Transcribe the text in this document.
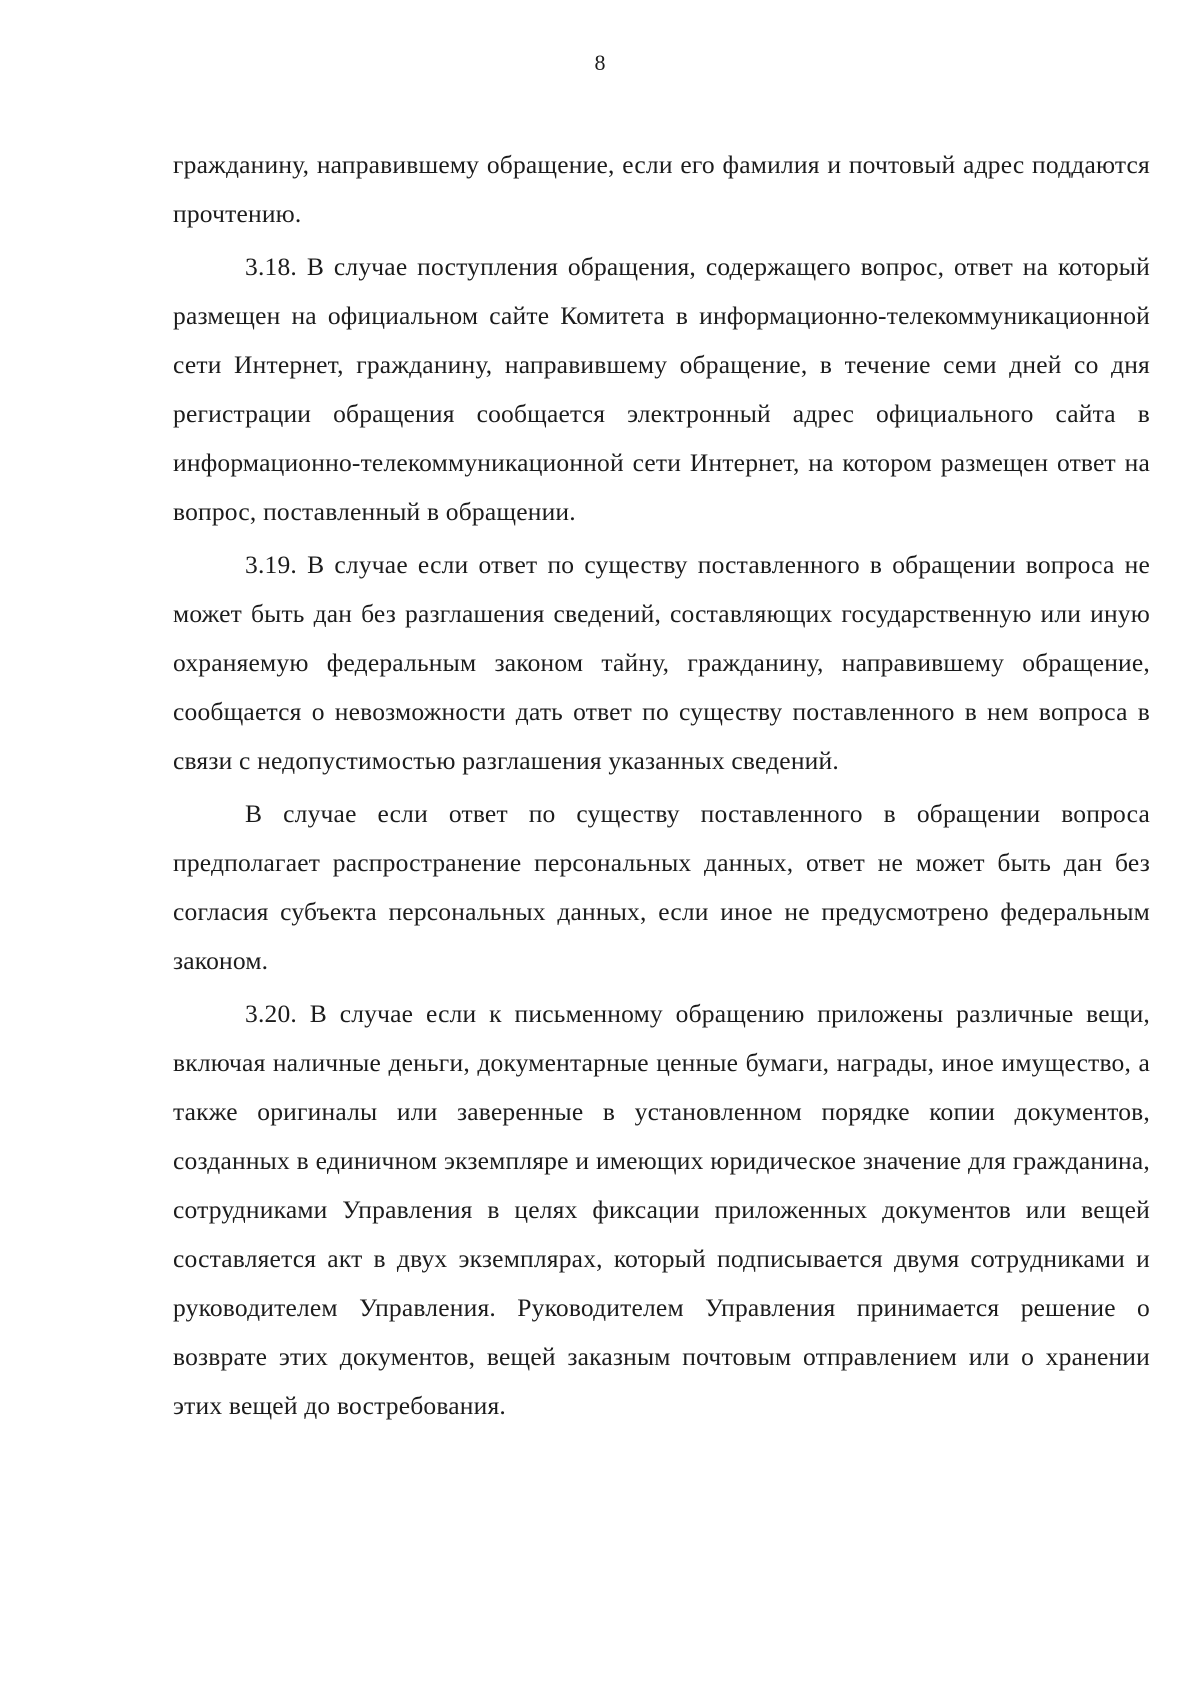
8

гражданину, направившему обращение, если его фамилия и почтовый адрес поддаются прочтению.

3.18. В случае поступления обращения, содержащего вопрос, ответ на который размещен на официальном сайте Комитета в информационно-телекоммуникационной сети Интернет, гражданину, направившему обращение, в течение семи дней со дня регистрации обращения сообщается электронный адрес официального сайта в информационно-телекоммуникационной сети Интернет, на котором размещен ответ на вопрос, поставленный в обращении.

3.19. В случае если ответ по существу поставленного в обращении вопроса не может быть дан без разглашения сведений, составляющих государственную или иную охраняемую федеральным законом тайну, гражданину, направившему обращение, сообщается о невозможности дать ответ по существу поставленного в нем вопроса в связи с недопустимостью разглашения указанных сведений.

В случае если ответ по существу поставленного в обращении вопроса предполагает распространение персональных данных, ответ не может быть дан без согласия субъекта персональных данных, если иное не предусмотрено федеральным законом.

3.20. В случае если к письменному обращению приложены различные вещи, включая наличные деньги, документарные ценные бумаги, награды, иное имущество, а также оригиналы или заверенные в установленном порядке копии документов, созданных в единичном экземпляре и имеющих юридическое значение для гражданина, сотрудниками Управления в целях фиксации приложенных документов или вещей составляется акт в двух экземплярах, который подписывается двумя сотрудниками и руководителем Управления. Руководителем Управления принимается решение о возврате этих документов, вещей заказным почтовым отправлением или о хранении этих вещей до востребования.
